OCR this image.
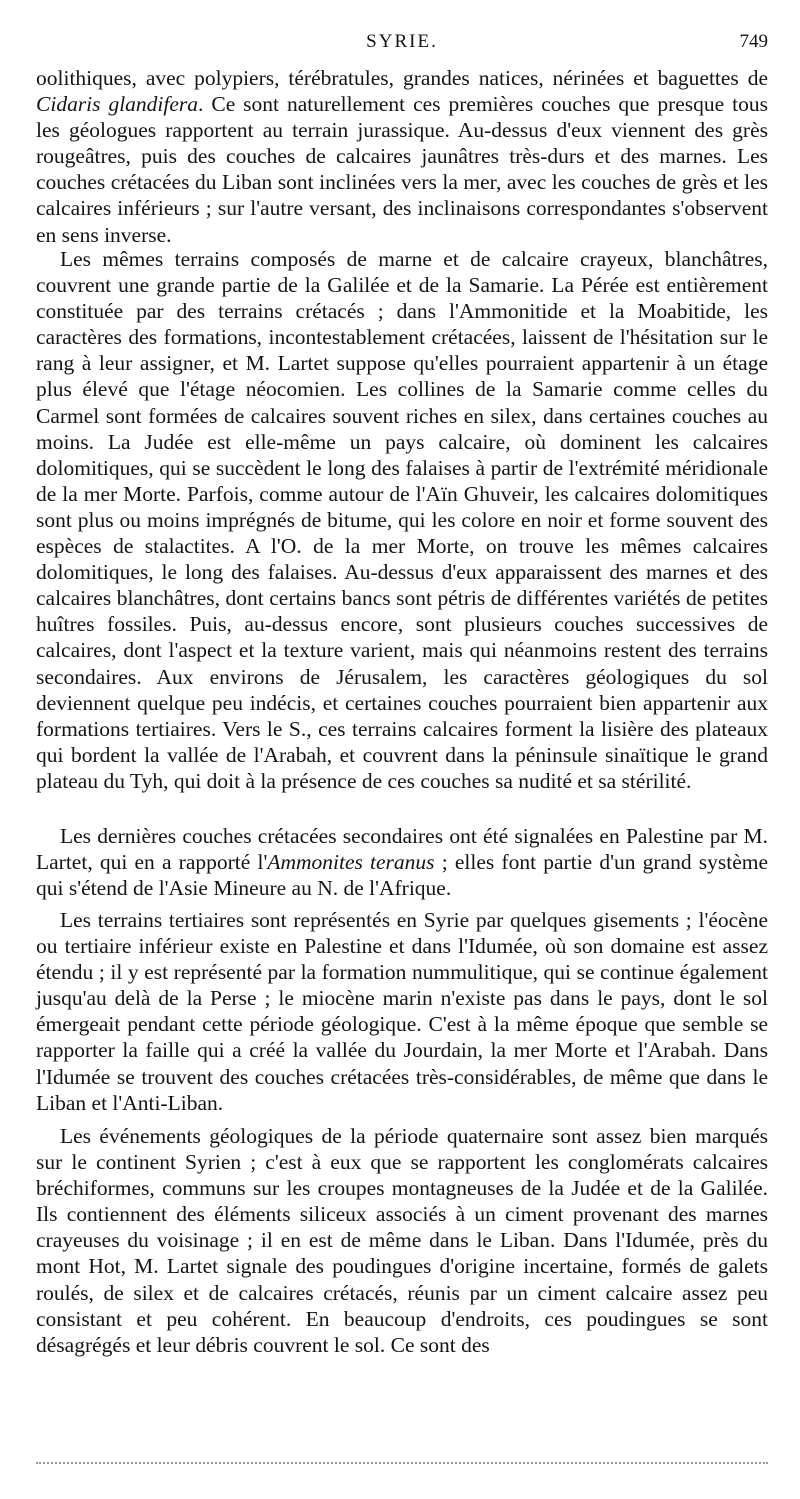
SYRIE.	749

oolithiques, avec polypiers, térébratules, grandes natices, nérinées et baguettes de Cidaris glandifera. Ce sont naturellement ces premières couches que presque tous les géologues rapportent au terrain jurassique. Au-dessus d'eux viennent des grès rougeâtres, puis des couches de calcaires jaunâtres très-durs et des marnes. Les couches crétacées du Liban sont inclinées vers la mer, avec les couches de grès et les calcaires inférieurs ; sur l'autre versant, des inclinaisons correspondantes s'observent en sens inverse.

Les mêmes terrains composés de marne et de calcaire crayeux, blanchâtres, couvrent une grande partie de la Galilée et de la Samarie. La Pérée est entièrement constituée par des terrains crétacés ; dans l'Ammonitide et la Moabitide, les caractères des formations, incontestablement crétacées, laissent de l'hésitation sur le rang à leur assigner, et M. Lartet suppose qu'elles pourraient appartenir à un étage plus élevé que l'étage néocomien. Les collines de la Samarie comme celles du Carmel sont formées de calcaires souvent riches en silex, dans certaines couches au moins. La Judée est elle-même un pays calcaire, où dominent les calcaires dolomitiques, qui se succèdent le long des falaises à partir de l'extrémité méridionale de la mer Morte. Parfois, comme autour de l'Aïn Ghuveir, les calcaires dolomitiques sont plus ou moins imprégnés de bitume, qui les colore en noir et forme souvent des espèces de stalactites. A l'O. de la mer Morte, on trouve les mêmes calcaires dolomitiques, le long des falaises. Au-dessus d'eux apparaissent des marnes et des calcaires blanchâtres, dont certains bancs sont pétris de différentes variétés de petites huîtres fossiles. Puis, au-dessus encore, sont plusieurs couches successives de calcaires, dont l'aspect et la texture varient, mais qui néanmoins restent des terrains secondaires. Aux environs de Jérusalem, les caractères géologiques du sol deviennent quelque peu indécis, et certaines couches pourraient bien appartenir aux formations tertiaires. Vers le S., ces terrains calcaires forment la lisière des plateaux qui bordent la vallée de l'Arabah, et couvrent dans la péninsule sinaïtique le grand plateau du Tyh, qui doit à la présence de ces couches sa nudité et sa stérilité.

Les dernières couches crétacées secondaires ont été signalées en Palestine par M. Lartet, qui en a rapporté l'Ammonites teranus ; elles font partie d'un grand système qui s'étend de l'Asie Mineure au N. de l'Afrique.

Les terrains tertiaires sont représentés en Syrie par quelques gisements ; l'éocène ou tertiaire inférieur existe en Palestine et dans l'Idumée, où son domaine est assez étendu ; il y est représenté par la formation nummulitique, qui se continue également jusqu'au delà de la Perse ; le miocène marin n'existe pas dans le pays, dont le sol émergeait pendant cette période géologique. C'est à la même époque que semble se rapporter la faille qui a créé la vallée du Jourdain, la mer Morte et l'Arabah. Dans l'Idumée se trouvent des couches crétacées très-considérables, de même que dans le Liban et l'Anti-Liban.

Les événements géologiques de la période quaternaire sont assez bien marqués sur le continent Syrien ; c'est à eux que se rapportent les conglomérats calcaires bréchiformes, communs sur les croupes montagneuses de la Judée et de la Galilée. Ils contiennent des éléments siliceux associés à un ciment provenant des marnes crayeuses du voisinage ; il en est de même dans le Liban. Dans l'Idumée, près du mont Hot, M. Lartet signale des poudingues d'origine incertaine, formés de galets roulés, de silex et de calcaires crétacés, réunis par un ciment calcaire assez peu consistant et peu cohérent. En beaucoup d'endroits, ces poudingues se sont désagrégés et leur débris couvrent le sol. Ce sont des
